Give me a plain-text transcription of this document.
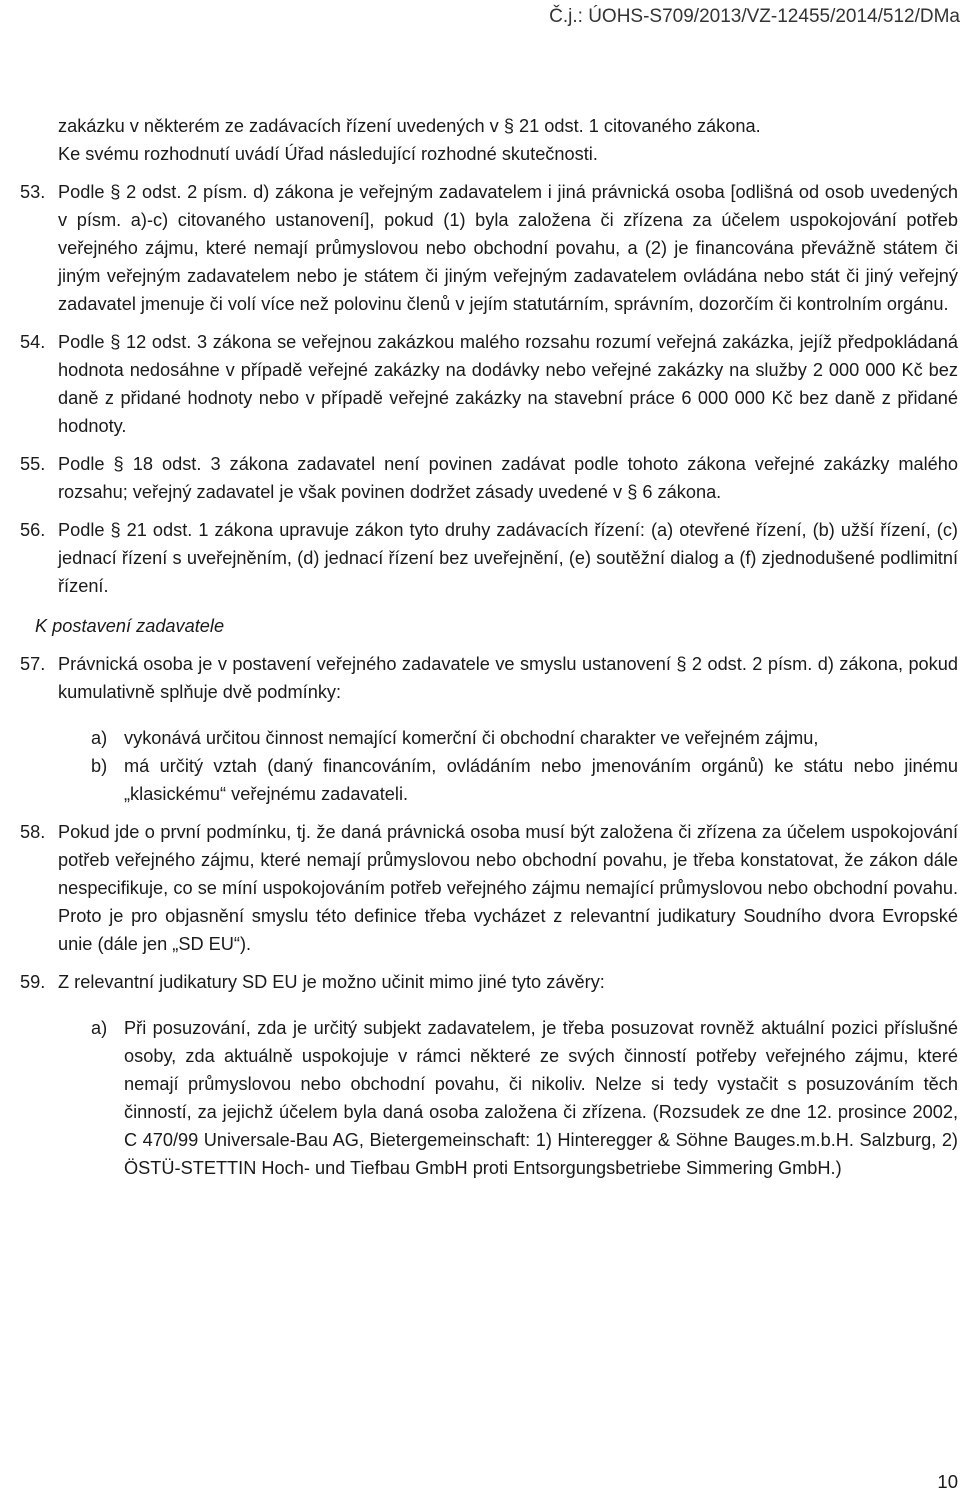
Č.j.: ÚOHS-S709/2013/VZ-12455/2014/512/DMa

zakázku v některém ze zadávacích řízení uvedených v § 21 odst. 1 citovaného zákona.

Ke svému rozhodnutí uvádí Úřad následující rozhodné skutečnosti.

53. Podle § 2 odst. 2 písm. d) zákona je veřejným zadavatelem i jiná právnická osoba [odlišná od osob uvedených v písm. a)-c) citovaného ustanovení], pokud (1) byla založena či zřízena za účelem uspokojování potřeb veřejného zájmu, které nemají průmyslovou nebo obchodní povahu, a (2) je financována převážně státem či jiným veřejným zadavatelem nebo je státem či jiným veřejným zadavatelem ovládána nebo stát či jiný veřejný zadavatel jmenuje či volí více než polovinu členů v jejím statutárním, správním, dozorčím či kontrolním orgánu.
54. Podle § 12 odst. 3 zákona se veřejnou zakázkou malého rozsahu rozumí veřejná zakázka, jejíž předpokládaná hodnota nedosáhne v případě veřejné zakázky na dodávky nebo veřejné zakázky na služby 2 000 000 Kč bez daně z přidané hodnoty nebo v případě veřejné zakázky na stavební práce 6 000 000 Kč bez daně z přidané hodnoty.
55. Podle § 18 odst. 3 zákona zadavatel není povinen zadávat podle tohoto zákona veřejné zakázky malého rozsahu; veřejný zadavatel je však povinen dodržet zásady uvedené v § 6 zákona.
56. Podle § 21 odst. 1 zákona upravuje zákon tyto druhy zadávacích řízení: (a) otevřené řízení, (b) užší řízení, (c) jednací řízení s uveřejněním, (d) jednací řízení bez uveřejnění, (e) soutěžní dialog a (f) zjednodušené podlimitní řízení.
K postavení zadavatele
57. Právnická osoba je v postavení veřejného zadavatele ve smyslu ustanovení § 2 odst. 2 písm. d) zákona, pokud kumulativně splňuje dvě podmínky:
a) vykonává určitou činnost nemající komerční či obchodní charakter ve veřejném zájmu,
b) má určitý vztah (daný financováním, ovládáním nebo jmenováním orgánů) ke státu nebo jinému „klasickému“ veřejnému zadavateli.
58. Pokud jde o první podmínku, tj. že daná právnická osoba musí být založena či zřízena za účelem uspokojování potřeb veřejného zájmu, které nemají průmyslovou nebo obchodní povahu, je třeba konstatovat, že zákon dále nespecifikuje, co se míní uspokojováním potřeb veřejného zájmu nemající průmyslovou nebo obchodní povahu. Proto je pro objasnění smyslu této definice třeba vycházet z relevantní judikatury Soudního dvora Evropské unie (dále jen „SD EU“).
59. Z relevantní judikatury SD EU je možno učinit mimo jiné tyto závěry:
a) Při posuzování, zda je určitý subjekt zadavatelem, je třeba posuzovat rovněž aktuální pozici příslušné osoby, zda aktuálně uspokojuje v rámci některé ze svých činností potřeby veřejného zájmu, které nemají průmyslovou nebo obchodní povahu, či nikoliv. Nelze si tedy vystačit s posuzováním těch činností, za jejichž účelem byla daná osoba založena či zřízena. (Rozsudek ze dne 12. prosince 2002, C 470/99 Universale-Bau AG, Bietergemeinschaft: 1) Hinteregger & Söhne Bauges.m.b.H. Salzburg, 2) ÖSTÜ-STETTIN Hoch- und Tiefbau GmbH proti Entsorgungsbetriebe Simmering GmbH.)
10
